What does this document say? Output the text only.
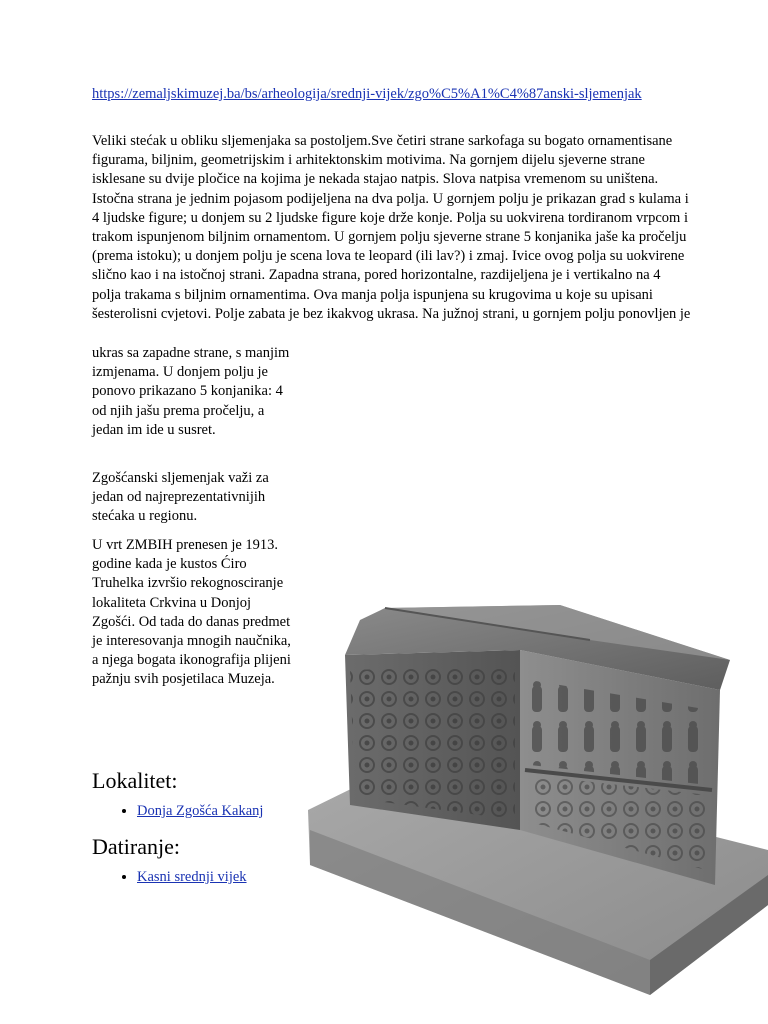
https://zemaljskimuzej.ba/bs/arheologija/srednji-vijek/zgo%C5%A1%C4%87anski-sljemenjak

Veliki stećak u obliku sljemenjaka sa postoljem.Sve četiri strane sarkofaga su bogato ornamentisane figurama, biljnim, geometrijskim i arhitektonskim motivima. Na gornjem dijelu sjeverne strane isklesane su dvije pločice na kojima je nekada stajao natpis. Slova natpisa vremenom su uništena. Istočna strana je jednim pojasom podijeljena na dva polja. U gornjem polju je prikazan grad s kulama i 4 ljudske figure; u donjem su 2 ljudske figure koje drže konje. Polja su uokvirena tordiranom vrpcom i trakom ispunjenom biljnim ornamentom. U gornjem polju sjeverne strane 5 konjanika jaše ka pročelju (prema istoku); u donjem polju je scena lova te leopard (ili lav?) i zmaj. Ivice ovog polja su uokvirene slično kao i na istočnoj strani. Zapadna strana, pored horizontalne, razdijeljena je i vertikalno na 4 polja trakama s biljnim ornamentima. Ova manja polja ispunjena su krugovima u koje su upisani šesterolisni cvjetovi. Polje zabata je bez ikakvog ukrasa. Na južnoj strani, u gornjem polju ponovljen je

ukras sa zapadne strane, s manjim izmjenama. U donjem polju je ponovo prikazano 5 konjanika: 4 od njih jašu prema pročelju, a jedan im ide u susret.

Zgošćanski sljemenjak važi za jedan od najreprezentativnijih stećaka u regionu.

U vrt ZMBIH prenesen je 1913. godine kada je kustos Ćiro Truhelka izvršio rekognosciranje lokaliteta Crkvina u Donjoj Zgošći. Od tada do danas predmet je interesovanja mnogih naučnika, a njega bogata ikonografija plijeni pažnju svih posjetilaca Muzeja.

Lokalitet:
• Donja Zgošća Kakanj
Datiranje:
• Kasni srednji vijek
